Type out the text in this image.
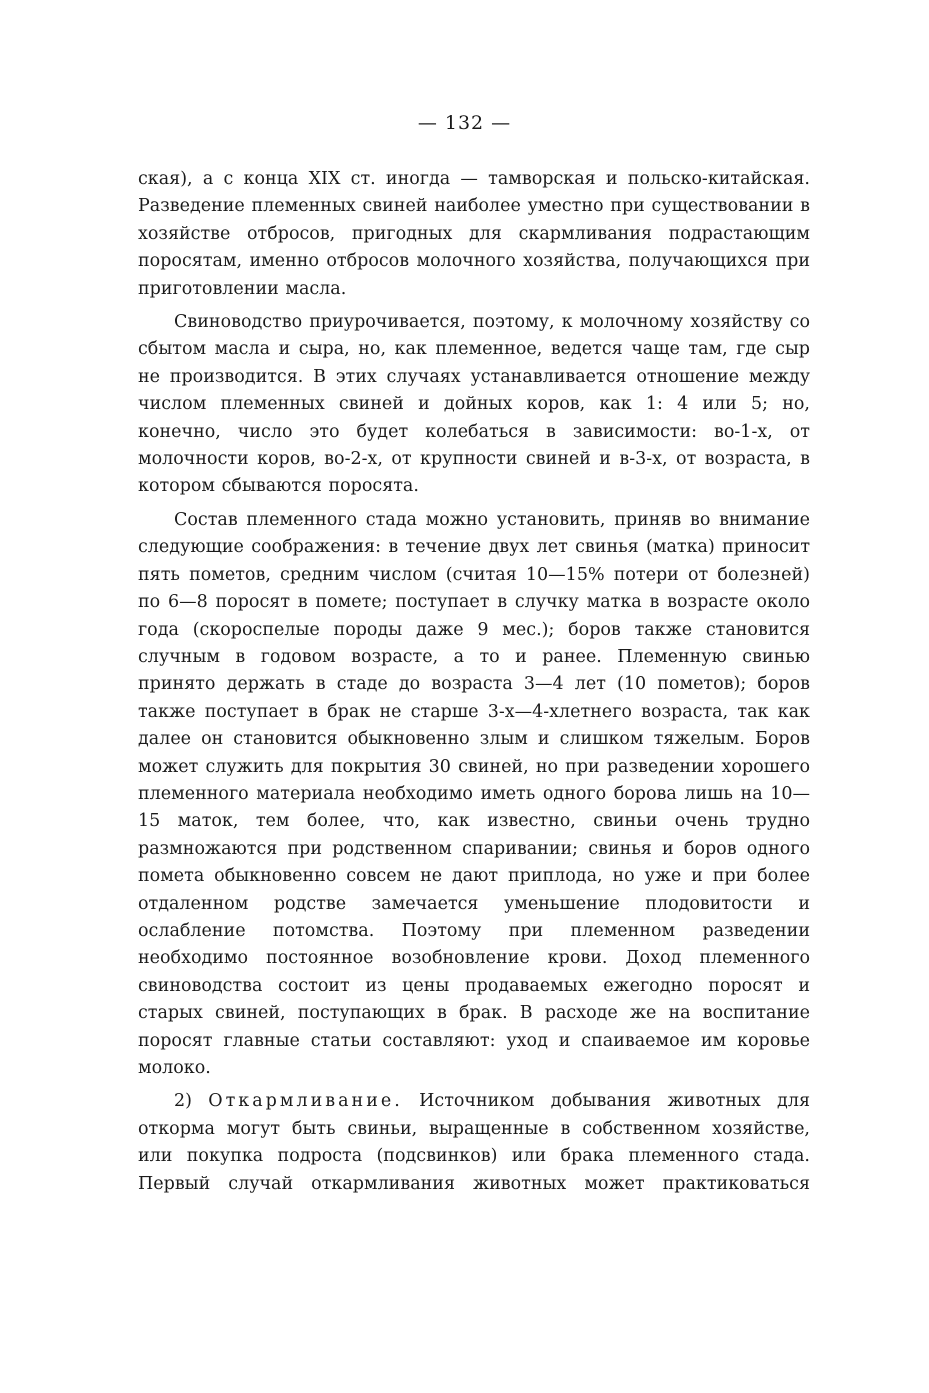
— 132 —

ская), а с конца XIX ст. иногда — тамворская и польско-китайская. Разведение племенных свиней наиболее уместно при существовании в хозяйстве отбросов, пригодных для скармливания подрастающим поросятам, именно отбросов молочного хозяйства, получающихся при приготовлении масла.

Свиноводство приурочивается, поэтому, к молочному хозяйству со сбытом масла и сыра, но, как племенное, ведется чаще там, где сыр не производится. В этих случаях устанавливается отношение между числом племенных свиней и дойных коров, как 1: 4 или 5; но, конечно, число это будет колебаться в зависимости: во-1-х, от молочности коров, во-2-х, от крупности свиней и в-3-х, от возраста, в котором сбываются поросята.

Состав племенного стада можно установить, приняв во внимание следующие соображения: в течение двух лет свинья (матка) приносит пять пометов, средним числом (считая 10—15% потери от болезней) по 6—8 поросят в помете; поступает в случку матка в возрасте около года (скороспелые породы даже 9 мес.); боров также становится случным в годовом возрасте, а то и ранее. Племенную свинью принято держать в стаде до возраста 3—4 лет (10 пометов); боров также поступает в брак не старше 3-х—4-хлетнего возраста, так как далее он становится обыкновенно злым и слишком тяжелым. Боров может служить для покрытия 30 свиней, но при разведении хорошего племенного материала необходимо иметь одного борова лишь на 10—15 маток, тем более, что, как известно, свиньи очень трудно размножаются при родственном спаривании; свинья и боров одного помета обыкновенно совсем не дают приплода, но уже и при более отдаленном родстве замечается уменьшение плодовитости и ослабление потомства. Поэтому при племенном разведении необходимо постоянное возобновление крови. Доход племенного свиноводства состоит из цены продаваемых ежегодно поросят и старых свиней, поступающих в брак. В расходе же на воспитание поросят главные статьи составляют: уход и спаиваемое им коровье молоко.

2) Откармливание. Источником добывания животных для откорма могут быть свиньи, выращенные в собственном хозяйстве, или покупка подроста (подсвинков) или брака племенного стада. Первый случай откармливания животных может практиковаться
